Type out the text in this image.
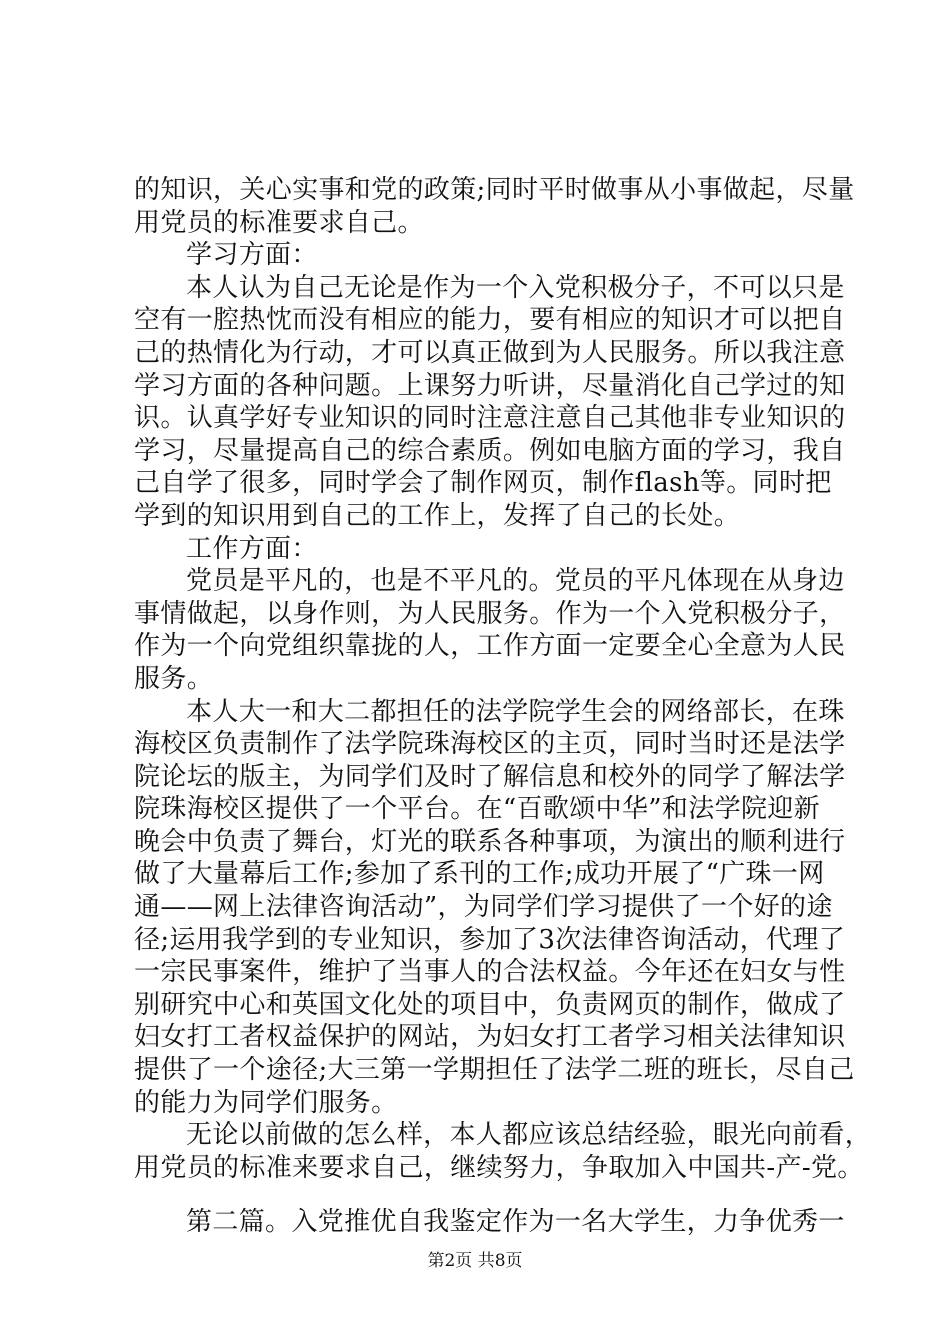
的知识，关心实事和党的政策;同时平时做事从小事做起，尽量
用党员的标准要求自己。
学习方面：
本人认为自己无论是作为一个入党积极分子，不可以只是
空有一腔热忱而没有相应的能力，要有相应的知识才可以把自
己的热情化为行动，才可以真正做到为人民服务。所以我注意
学习方面的各种问题。上课努力听讲，尽量消化自己学过的知
识。认真学好专业知识的同时注意注意自己其他非专业知识的
学习，尽量提高自己的综合素质。例如电脑方面的学习，我自
己自学了很多，同时学会了制作网页，制作flash等。同时把
学到的知识用到自己的工作上，发挥了自己的长处。
工作方面：
党员是平凡的，也是不平凡的。党员的平凡体现在从身边
事情做起，以身作则，为人民服务。作为一个入党积极分子，
作为一个向党组织靠拢的人，工作方面一定要全心全意为人民
服务。
本人大一和大二都担任的法学院学生会的网络部长，在珠
海校区负责制作了法学院珠海校区的主页，同时当时还是法学
院论坛的版主，为同学们及时了解信息和校外的同学了解法学
院珠海校区提供了一个平台。在“百歌颂中华”和法学院迎新
晚会中负责了舞台，灯光的联系各种事项，为演出的顺利进行
做了大量幕后工作;参加了系刊的工作;成功开展了“广珠一网
通——网上法律咨询活动”，为同学们学习提供了一个好的途
径;运用我学到的专业知识，参加了3次法律咨询活动，代理了
一宗民事案件，维护了当事人的合法权益。今年还在妇女与性
别研究中心和英国文化处的项目中，负责网页的制作，做成了
妇女打工者权益保护的网站，为妇女打工者学习相关法律知识
提供了一个途径;大三第一学期担任了法学二班的班长，尽自己
的能力为同学们服务。
无论以前做的怎么样，本人都应该总结经验，眼光向前看，
用党员的标准来要求自己，继续努力，争取加入中国共-产-党。
第二篇。入党推优自我鉴定作为一名大学生，力争优秀一
第2页 共8页
